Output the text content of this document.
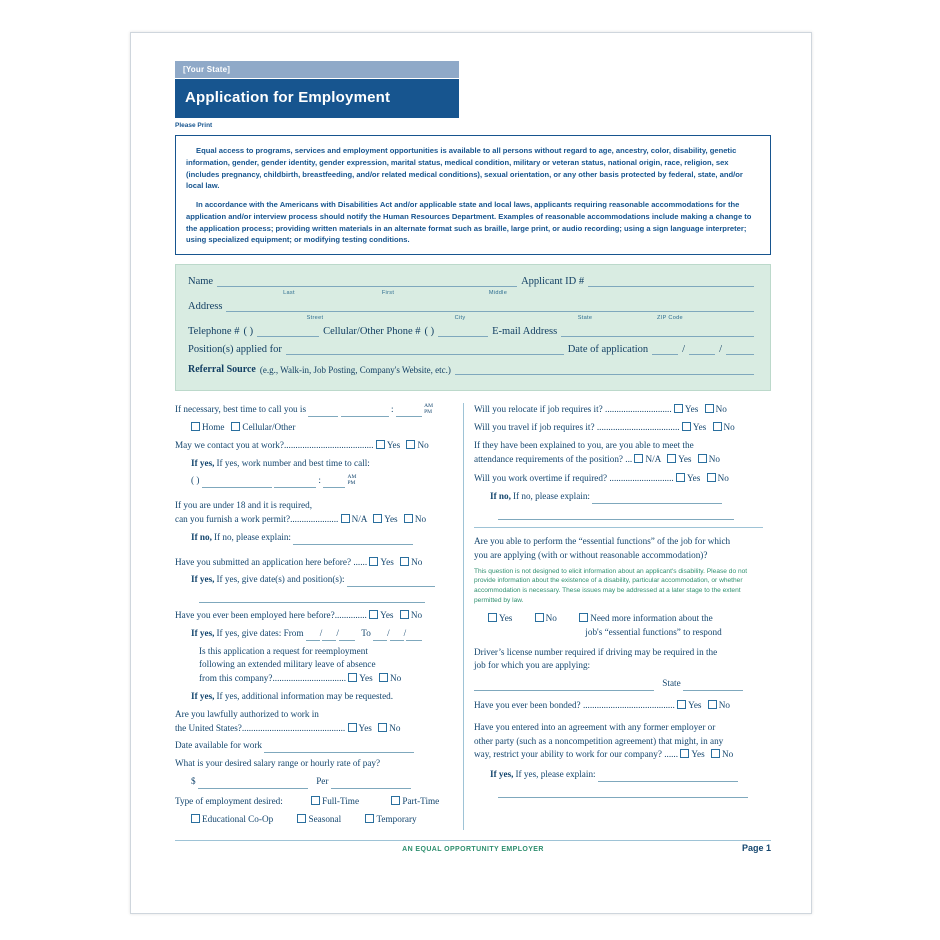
[Your State]
Application for Employment
Please Print

Equal access to programs, services and employment opportunities is available to all persons without regard to age, ancestry, color, disability, genetic information, gender, gender identity, gender expression, marital status, medical condition, military or veteran status, national origin, race, religion, sex (includes pregnancy, childbirth, breastfeeding, and/or related medical conditions), sexual orientation, or any other basis protected by federal, state, and/or local law.

In accordance with the Americans with Disabilities Act and/or applicable state and local laws, applicants requiring reasonable accommodations for the application and/or interview process should notify the Human Resources Department. Examples of reasonable accommodations include making a change to the application process; providing written materials in an alternate format such as braille, large print, or audio recording; using a sign language interpreter; using specialized equipment; or modifying testing conditions.

Name	Applicant ID #
Last	First	Middle
Address
Street	City	State	ZIP Code
Telephone # ( )	Cellular/Other Phone # ( )	E-mail Address
Position(s) applied for	Date of application	/	/
Referral Source (e.g., Walk-in, Job Posting, Company's Website, etc.)
If necessary, best time to call you is	:	AM
PM
Home Cellular/Other
May we contact you at work?....................................... Yes No
If yes, If yes, work number and best time to call:
( )	:	AM
PM
If you are under 18 and it is required,
can you furnish a work permit?..................... N/A Yes No
If no, If no, please explain:
Have you submitted an application here before? ...... Yes No
If yes, If yes, give date(s) and position(s):
Have you ever been employed here before?.............. Yes No
If yes, If yes, give dates: From / / To / /
Is this application a request for reemployment
following an extended military leave of absence
from this company?................................ Yes No
If yes, If yes, additional information may be requested.
Are you lawfully authorized to work in
the United States?............................................. Yes No
Date available for work
What is your desired salary range or hourly rate of pay?
$	Per
Type of employment desired:	Full-Time	Part-Time
Educational Co-Op	Seasonal	Temporary
Will you relocate if job requires it? ............................. Yes No
Will you travel if job requires it? .................................... Yes No
If they have been explained to you, are you able to meet the
attendance requirements of the position? ... N/A Yes No
Will you work overtime if required? ............................ Yes No
If no, If no, please explain:
Are you able to perform the “essential functions” of the job for which
you are applying (with or without reasonable accommodation)?
This question is not designed to elicit information about an applicant's disability. Please do not provide information about the existence of a disability, particular accommodation, or whether accommodation is necessary. These issues may be addressed at a later stage to the extent permitted by law.
Yes	No	Need more information about the
job's “essential functions” to respond
Driver’s license number required if driving may be required in the
job for which you are applying:
State
Have you ever been bonded? ........................................ Yes No
Have you entered into an agreement with any former employer or
other party (such as a noncompetition agreement) that might, in any
way, restrict your ability to work for our company? ...... Yes No
If yes, If yes, please explain:
AN EQUAL OPPORTUNITY EMPLOYER	Page 1
